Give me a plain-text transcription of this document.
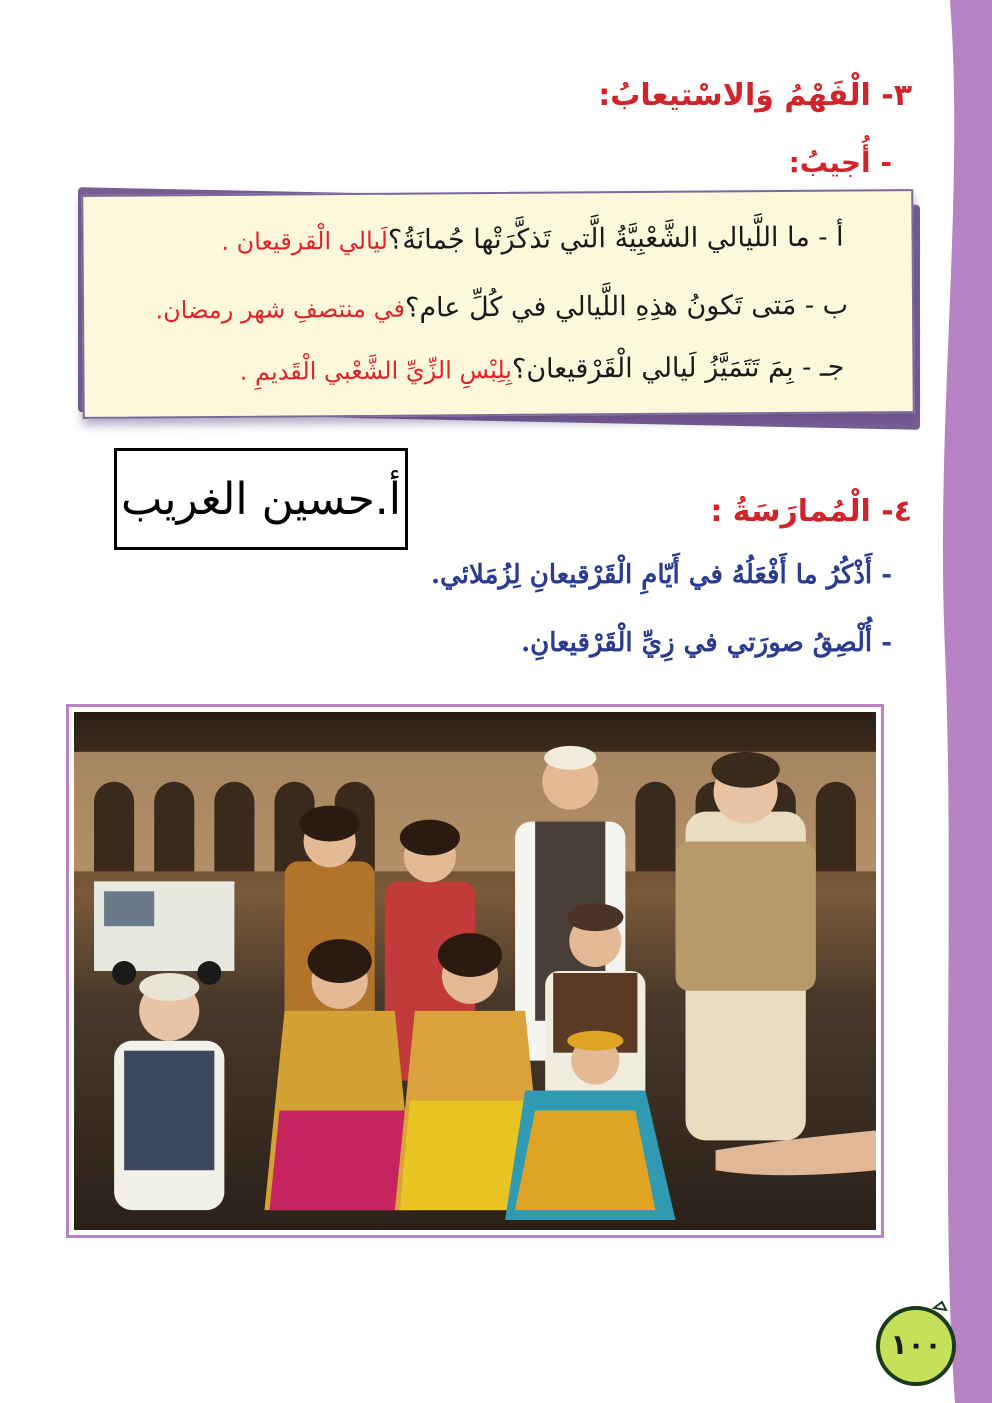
٣- الْفَهْمُ وَالاسْتيعابُ:
- أُجيبُ:
أ - ما اللَّيالي الشَّعْبِيَّةُ الَّتي تَذكَّرَتْها جُمانَةُ؟لَيالي الْقرقيعان .
ب - مَتى تَكونُ هذِهِ اللَّيالي في كُلِّ عام؟في منتصفِ شهر رمضان.
جـ - بِمَ تَتَمَيَّزُ لَيالي الْقَرْقيعان؟بِلِبْسِ الزِّيِّ الشَّعْبي الْقَديمِ .
أ.حسين الغريب	٤- الْمُمارَسَةُ :
- أَذْكُرُ ما أَفْعَلُهُ في أَيّامِ الْقَرْقيعانِ لِزُمَلائي.
- أُلْصِقُ صورَتي في زِيِّ الْقَرْقيعانِ.
١٠٠
